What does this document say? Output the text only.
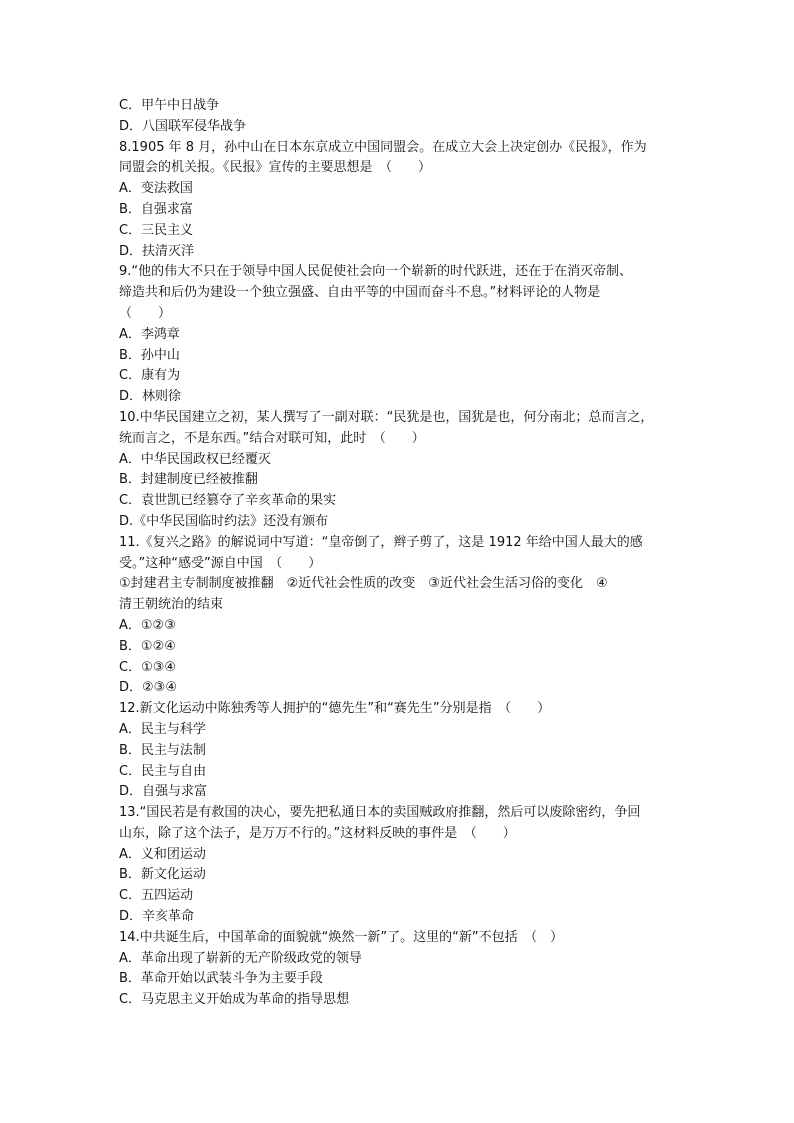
C．甲午中日战争
D．八国联军侵华战争
8.1905 年 8 月，孙中山在日本东京成立中国同盟会。在成立大会上决定创办《民报》，作为
同盟会的机关报。《民报》宣传的主要思想是　（　　）
A．变法救国
B．自强求富
C．三民主义
D．扶清灭洋
9.“他的伟大不只在于领导中国人民促使社会向一个崭新的时代跃进，还在于在消灭帝制、
缔造共和后仍为建设一个独立强盛、自由平等的中国而奋斗不息。”材料评论的人物是
（　　）
A．李鸿章
B．孙中山
C．康有为
D．林则徐
10.中华民国建立之初，某人撰写了一副对联：“民犹是也，国犹是也，何分南北；总而言之，
统而言之，不是东西。”结合对联可知，此时　（　　）
A．中华民国政权已经覆灭
B．封建制度已经被推翻
C．袁世凯已经篡夺了辛亥革命的果实
D.《中华民国临时约法》还没有颁布
11.《复兴之路》的解说词中写道：“皇帝倒了，辫子剪了，这是 1912 年给中国人最大的感
受。”这种“感受”源自中国　（　　）
①封建君主专制制度被推翻　②近代社会性质的改变　③近代社会生活习俗的变化　④
清王朝统治的结束
A．①②③
B．①②④
C．①③④
D．②③④
12.新文化运动中陈独秀等人拥护的“德先生”和“赛先生”分别是指　（　　）
A．民主与科学
B．民主与法制
C．民主与自由
D．自强与求富
13.“国民若是有救国的决心，要先把私通日本的卖国贼政府推翻，然后可以废除密约，争回
山东，除了这个法子，是万万不行的。”这材料反映的事件是　（　　）
A．义和团运动
B．新文化运动
C．五四运动
D．辛亥革命
14.中共诞生后，中国革命的面貌就“焕然一新”了。这里的“新”不包括　（　）
A．革命出现了崭新的无产阶级政党的领导
B．革命开始以武装斗争为主要手段
C．马克思主义开始成为革命的指导思想
